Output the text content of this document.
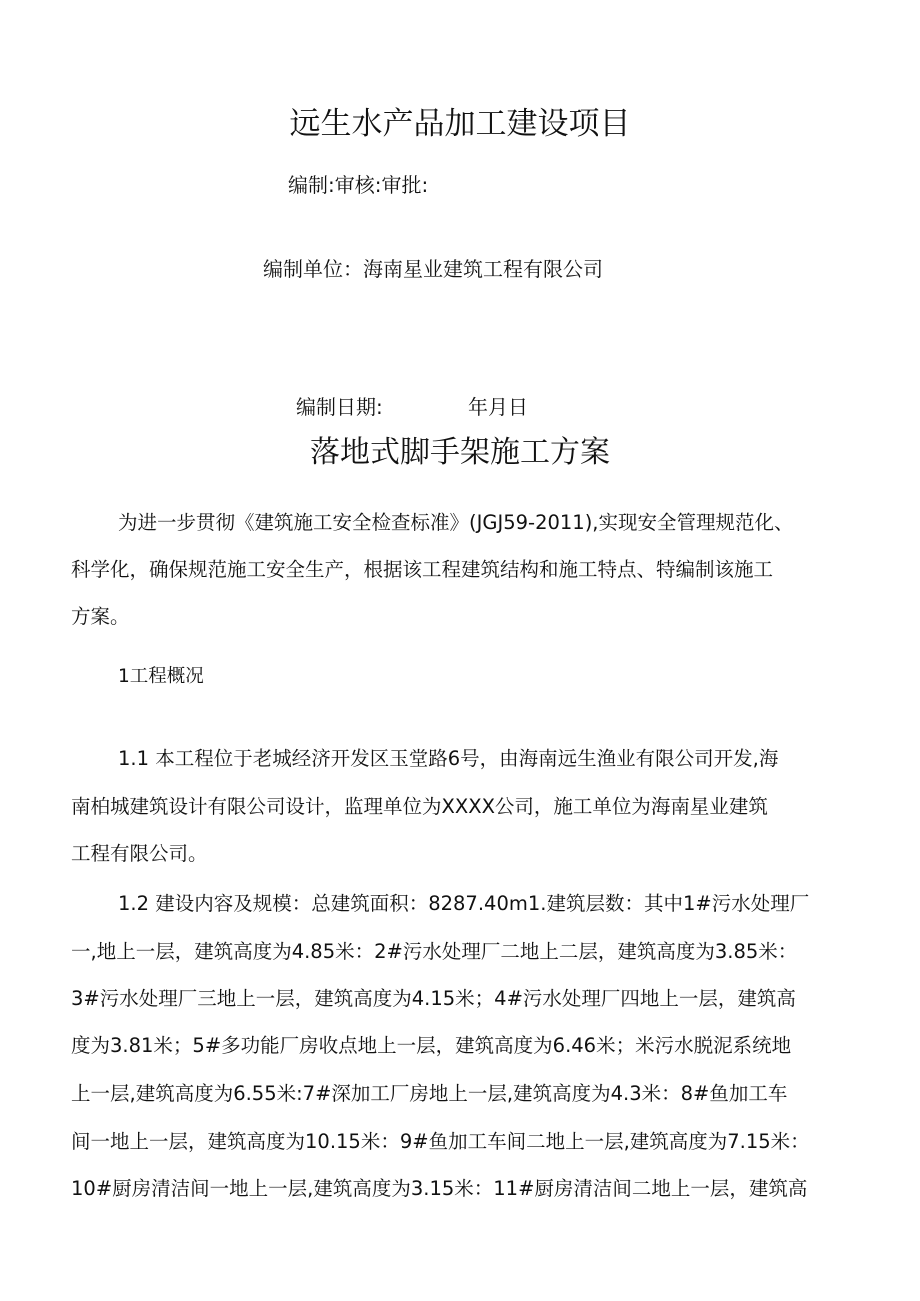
远生水产品加工建设项目
编制:审核:审批:
编制单位：海南星业建筑工程有限公司
编制日期:	年月日
落地式脚手架施工方案
为进一步贯彻《建筑施工安全检查标准》(JGJ59-2011),实现安全管理规范化、
科学化，确保规范施工安全生产，根据该工程建筑结构和施工特点、特编制该施工
方案。
1工程概况
1.1 本工程位于老城经济开发区玉堂路6号，由海南远生渔业有限公司开发,海
南柏城建筑设计有限公司设计，监理单位为XXXX公司，施工单位为海南星业建筑
工程有限公司。
1.2 建设内容及规模：总建筑面积：8287.40m1.建筑层数：其中1#污水处理厂
一,地上一层，建筑高度为4.85米：2#污水处理厂二地上二层，建筑高度为3.85米：
3#污水处理厂三地上一层，建筑高度为4.15米；4#污水处理厂四地上一层，建筑高
度为3.81米；5#多功能厂房收点地上一层，建筑高度为6.46米；米污水脱泥系统地
上一层,建筑高度为6.55米:7#深加工厂房地上一层,建筑高度为4.3米：8#鱼加工车
间一地上一层，建筑高度为10.15米：9#鱼加工车间二地上一层,建筑高度为7.15米：
10#厨房清洁间一地上一层,建筑高度为3.15米：11#厨房清洁间二地上一层，建筑高
